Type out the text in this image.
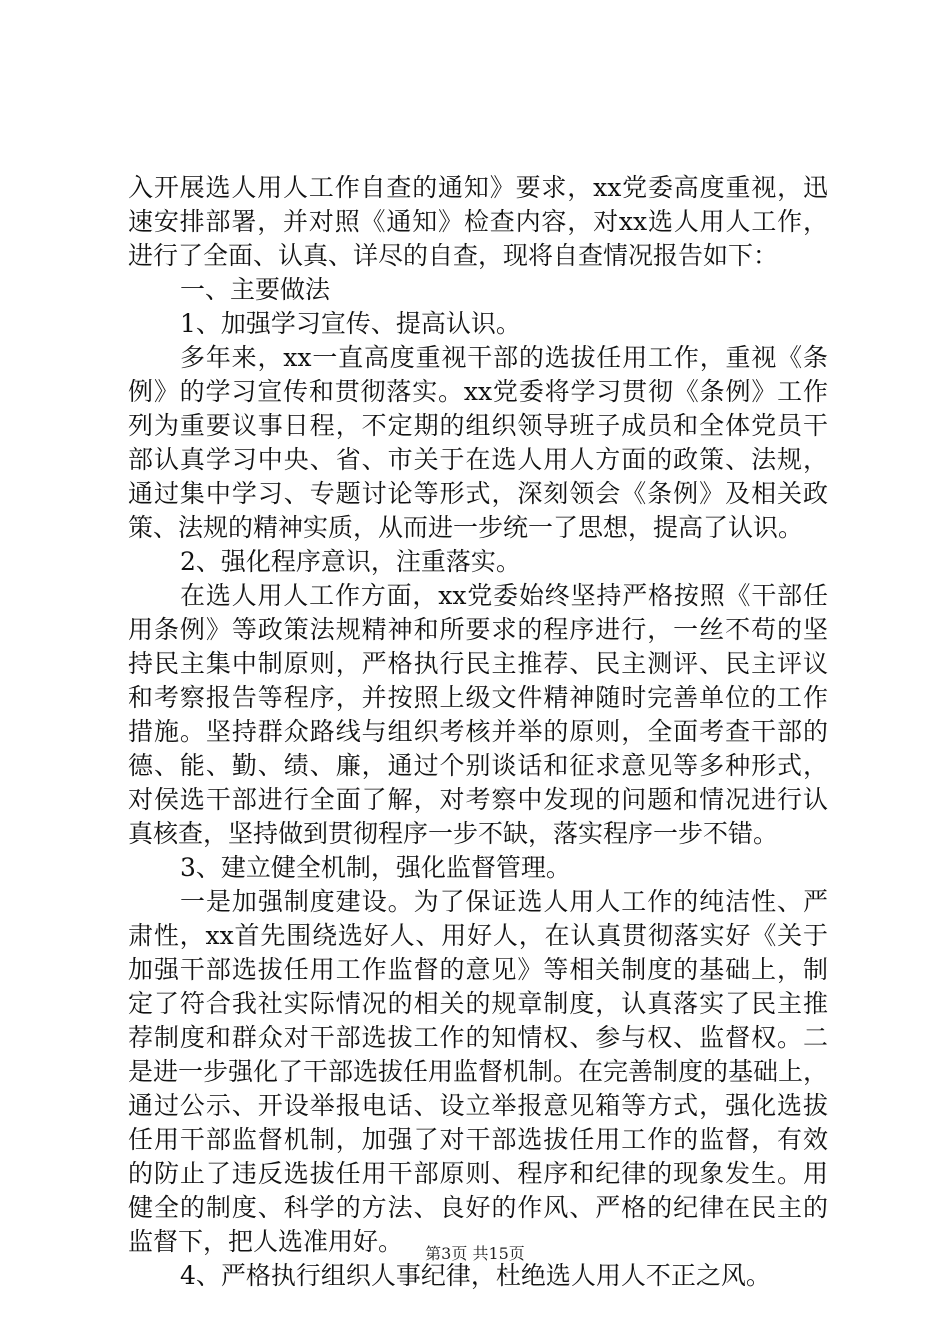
入开展选人用人工作自查的通知》要求，xx党委高度重视，迅
速安排部署，并对照《通知》检查内容，对xx选人用人工作，
进行了全面、认真、详尽的自查，现将自查情况报告如下：
一、主要做法
1、加强学习宣传、提高认识。
多年来，xx一直高度重视干部的选拔任用工作，重视《条
例》的学习宣传和贯彻落实。xx党委将学习贯彻《条例》工作
列为重要议事日程，不定期的组织领导班子成员和全体党员干
部认真学习中央、省、市关于在选人用人方面的政策、法规，
通过集中学习、专题讨论等形式，深刻领会《条例》及相关政
策、法规的精神实质，从而进一步统一了思想，提高了认识。
2、强化程序意识，注重落实。
在选人用人工作方面，xx党委始终坚持严格按照《干部任
用条例》等政策法规精神和所要求的程序进行，一丝不苟的坚
持民主集中制原则，严格执行民主推荐、民主测评、民主评议
和考察报告等程序，并按照上级文件精神随时完善单位的工作
措施。坚持群众路线与组织考核并举的原则，全面考查干部的
德、能、勤、绩、廉，通过个别谈话和征求意见等多种形式，
对侯选干部进行全面了解，对考察中发现的问题和情况进行认
真核查，坚持做到贯彻程序一步不缺，落实程序一步不错。
3、建立健全机制，强化监督管理。
一是加强制度建设。为了保证选人用人工作的纯洁性、严
肃性，xx首先围绕选好人、用好人，在认真贯彻落实好《关于
加强干部选拔任用工作监督的意见》等相关制度的基础上，制
定了符合我社实际情况的相关的规章制度，认真落实了民主推
荐制度和群众对干部选拔工作的知情权、参与权、监督权。二
是进一步强化了干部选拔任用监督机制。在完善制度的基础上，
通过公示、开设举报电话、设立举报意见箱等方式，强化选拔
任用干部监督机制，加强了对干部选拔任用工作的监督，有效
的防止了违反选拔任用干部原则、程序和纪律的现象发生。用
健全的制度、科学的方法、良好的作风、严格的纪律在民主的
监督下，把人选准用好。
4、严格执行组织人事纪律，杜绝选人用人不正之风。
第3页 共15页
